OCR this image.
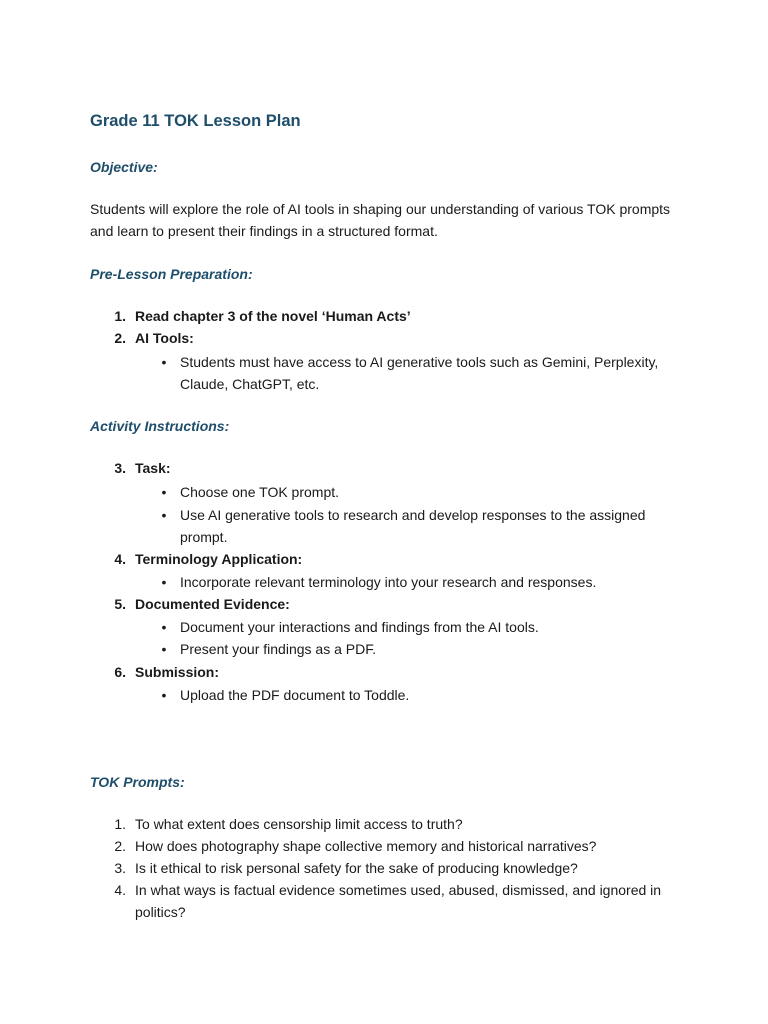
Grade 11 TOK Lesson Plan
Objective:

Students will explore the role of AI tools in shaping our understanding of various TOK prompts and learn to present their findings in a structured format.

Pre-Lesson Preparation:
1. Read chapter 3 of the novel ‘Human Acts’
2. AI Tools:
• Students must have access to AI generative tools such as Gemini, Perplexity, Claude, ChatGPT, etc.
Activity Instructions:
3. Task:
• Choose one TOK prompt.
• Use AI generative tools to research and develop responses to the assigned prompt.
4. Terminology Application:
• Incorporate relevant terminology into your research and responses.
5. Documented Evidence:
• Document your interactions and findings from the AI tools.
• Present your findings as a PDF.
6. Submission:
• Upload the PDF document to Toddle.
TOK Prompts:
1. To what extent does censorship limit access to truth?
2. How does photography shape collective memory and historical narratives?
3. Is it ethical to risk personal safety for the sake of producing knowledge?
4. In what ways is factual evidence sometimes used, abused, dismissed, and ignored in politics?
